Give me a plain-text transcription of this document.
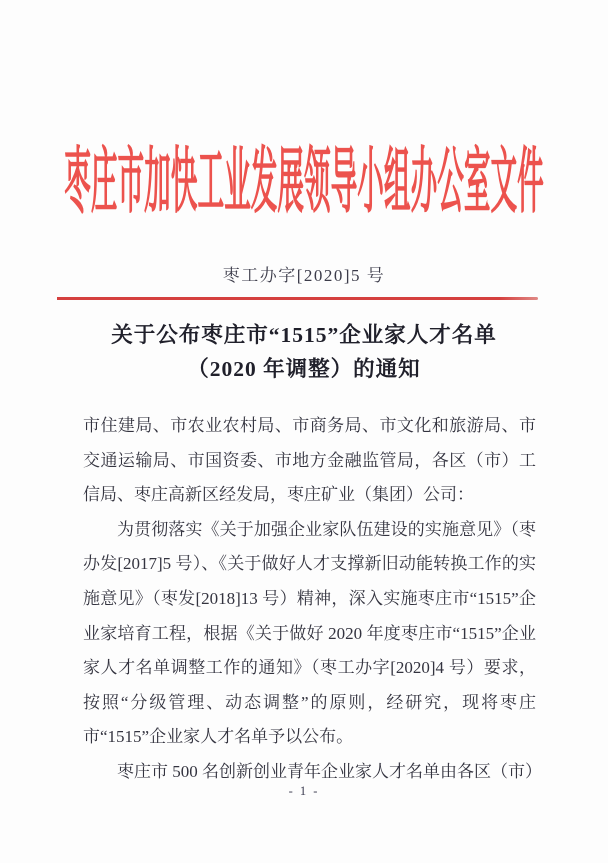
枣庄市加快工业发展领导小组办公室文件
枣工办字[2020]5 号
关于公布枣庄市“1515”企业家人才名单
（2020 年调整）的通知

市住建局、市农业农村局、市商务局、市文化和旅游局、市交通运输局、市国资委、市地方金融监管局，各区（市）工信局、枣庄高新区经发局，枣庄矿业（集团）公司：

为贯彻落实《关于加强企业家队伍建设的实施意见》（枣办发[2017]5 号）、《关于做好人才支撑新旧动能转换工作的实施意见》（枣发[2018]13 号）精神，深入实施枣庄市“1515”企业家培育工程，根据《关于做好 2020 年度枣庄市“1515”企业家人才名单调整工作的通知》（枣工办字[2020]4 号）要求，按照“分级管理、动态调整”的原则，经研究，现将枣庄市“1515”企业家人才名单予以公布。

枣庄市 500 名创新创业青年企业家人才名单由各区（市）

- 1 -
